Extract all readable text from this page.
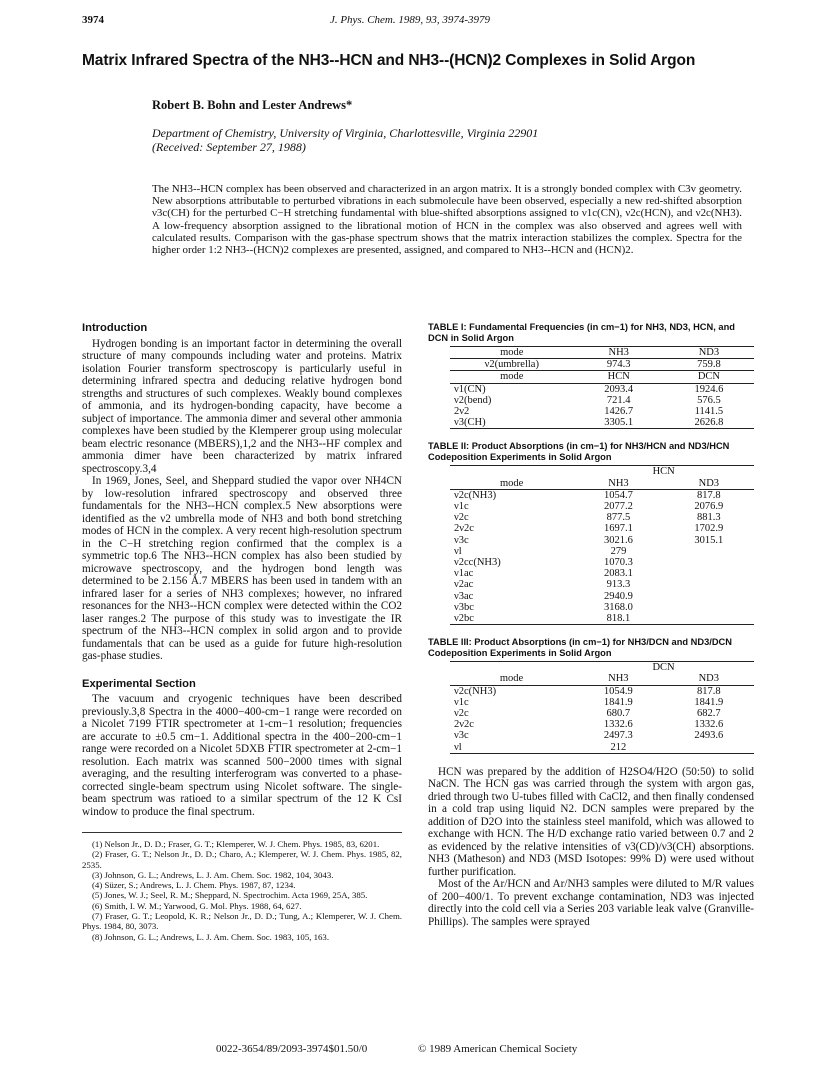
3974	J. Phys. Chem. 1989, 93, 3974-3979
Matrix Infrared Spectra of the NH3--HCN and NH3--(HCN)2 Complexes in Solid Argon
Robert B. Bohn and Lester Andrews*
Department of Chemistry, University of Virginia, Charlottesville, Virginia 22901
(Received: September 27, 1988)
The NH3--HCN complex has been observed and characterized in an argon matrix. It is a strongly bonded complex with C3v geometry. New absorptions attributable to perturbed vibrations in each submolecule have been observed, especially a new red-shifted absorption ν3c(CH) for the perturbed C−H stretching fundamental with blue-shifted absorptions assigned to ν1c(CN), ν2c(HCN), and ν2c(NH3). A low-frequency absorption assigned to the librational motion of HCN in the complex was also observed and agrees well with calculated results. Comparison with the gas-phase spectrum shows that the matrix interaction stabilizes the complex. Spectra for the higher order 1:2 NH3--(HCN)2 complexes are presented, assigned, and compared to NH3--HCN and (HCN)2.
Introduction

Hydrogen bonding is an important factor in determining the overall structure of many compounds including water and proteins. Matrix isolation Fourier transform spectroscopy is particularly useful in determining infrared spectra and deducing relative hydrogen bond strengths and structures of such complexes. Weakly bound complexes of ammonia, and its hydrogen-bonding capacity, have become a subject of importance. The ammonia dimer and several other ammonia complexes have been studied by the Klemperer group using molecular beam electric resonance (MBERS),1,2 and the NH3--HF complex and ammonia dimer have been characterized by matrix infrared spectroscopy.3,4

In 1969, Jones, Seel, and Sheppard studied the vapor over NH4CN by low-resolution infrared spectroscopy and observed three fundamentals for the NH3--HCN complex.5 New absorptions were identified as the ν2 umbrella mode of NH3 and both bond stretching modes of HCN in the complex. A very recent high-resolution spectrum in the C−H stretching region confirmed that the complex is a symmetric top.6 The NH3--HCN complex has also been studied by microwave spectroscopy, and the hydrogen bond length was determined to be 2.156 Å.7 MBERS has been used in tandem with an infrared laser for a series of NH3 complexes; however, no infrared resonances for the NH3--HCN complex were detected within the CO2 laser ranges.2 The purpose of this study was to investigate the IR spectrum of the NH3--HCN complex in solid argon and to provide fundamentals that can be used as a guide for future high-resolution gas-phase studies.

Experimental Section

The vacuum and cryogenic techniques have been described previously.3,8 Spectra in the 4000−400-cm−1 range were recorded on a Nicolet 7199 FTIR spectrometer at 1-cm−1 resolution; frequencies are accurate to ±0.5 cm−1. Additional spectra in the 400−200-cm−1 range were recorded on a Nicolet 5DXB FTIR spectrometer at 2-cm−1 resolution. Each matrix was scanned 500−2000 times with signal averaging, and the resulting interferogram was converted to a phase-corrected single-beam spectrum using Nicolet software. The single-beam spectrum was ratioed to a similar spectrum of the 12 K CsI window to produce the final spectrum.

(1) Nelson Jr., D. D.; Fraser, G. T.; Klemperer, W. J. Chem. Phys. 1985, 83, 6201.
(2) Fraser, G. T.; Nelson Jr., D. D.; Charo, A.; Klemperer, W. J. Chem. Phys. 1985, 82, 2535.
(3) Johnson, G. L.; Andrews, L. J. Am. Chem. Soc. 1982, 104, 3043.
(4) Süzer, S.; Andrews, L. J. Chem. Phys. 1987, 87, 1234.
(5) Jones, W. J.; Seel, R. M.; Sheppard, N. Spectrochim. Acta 1969, 25A, 385.
(6) Smith, I. W. M.; Yarwood, G. Mol. Phys. 1988, 64, 627.
(7) Fraser, G. T.; Leopold, K. R.; Nelson Jr., D. D.; Tung, A.; Klemperer, W. J. Chem. Phys. 1984, 80, 3073.
(8) Johnson, G. L.; Andrews, L. J. Am. Chem. Soc. 1983, 105, 163.
TABLE I: Fundamental Frequencies (in cm−1) for NH3, ND3, HCN, and DCN in Solid Argon
mode	NH3	ND3
ν2(umbrella)	974.3	759.8
mode	HCN	DCN
ν1(CN)	2093.4	1924.6
ν2(bend)	721.4	576.5
2ν2	1426.7	1141.5
ν3(CH)	3305.1	2626.8
TABLE II: Product Absorptions (in cm−1) for NH3/HCN and ND3/HCN Codeposition Experiments in Solid Argon
	HCN	
mode	NH3	ND3
ν2c(NH3)	1054.7	817.8
ν1c	2077.2	2076.9
ν2c	877.5	881.3
2ν2c	1697.1	1702.9
ν3c	3021.6	3015.1
νl	279	
ν2cc(NH3)	1070.3	
ν1ac	2083.1	
ν2ac	913.3	
ν3ac	2940.9	
ν3bc	3168.0	
ν2bc	818.1	
TABLE III: Product Absorptions (in cm−1) for NH3/DCN and ND3/DCN Codeposition Experiments in Solid Argon
	DCN	
mode	NH3	ND3
ν2c(NH3)	1054.9	817.8
ν1c	1841.9	1841.9
ν2c	680.7	682.7
2ν2c	1332.6	1332.6
ν3c	2497.3	2493.6
νl	212	

HCN was prepared by the addition of H2SO4/H2O (50:50) to solid NaCN. The HCN gas was carried through the system with argon gas, dried through two U-tubes filled with CaCl2, and then finally condensed in a cold trap using liquid N2. DCN samples were prepared by the addition of D2O into the stainless steel manifold, which was allowed to exchange with HCN. The H/D exchange ratio varied between 0.7 and 2 as evidenced by the relative intensities of ν3(CD)/ν3(CH) absorptions. NH3 (Matheson) and ND3 (MSD Isotopes: 99% D) were used without further purification.

Most of the Ar/HCN and Ar/NH3 samples were diluted to M/R values of 200−400/1. To prevent exchange contamination, ND3 was injected directly into the cold cell via a Series 203 variable leak valve (Granville-Phillips). The samples were sprayed

0022-3654/89/2093-3974$01.50/0	© 1989 American Chemical Society
